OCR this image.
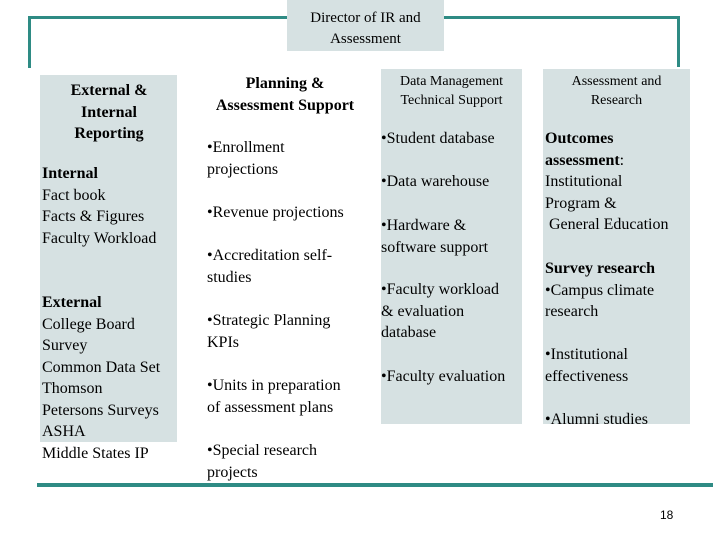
Director of IR and
Assessment
External &
Internal
Reporting
Internal
Fact book
Facts & Figures
Faculty Workload
External
College Board
Survey
Common Data Set
Thomson
Petersons Surveys
ASHA
Middle States IP
Planning &
Assessment Support
• Enrollment
projections
• Revenue projections
• Accreditation self-
studies
• Strategic Planning
KPIs
• Units in preparation
of assessment plans
• Special research
projects
Data Management
Technical Support
• Student database
• Data warehouse
• Hardware &
software support
• Faculty workload
& evaluation
database
• Faculty evaluation
Assessment and
Research
Outcomes
assessment:
Institutional
Program &
General Education
Survey research
• Campus climate
research
• Institutional
effectiveness
• Alumni studies
18
